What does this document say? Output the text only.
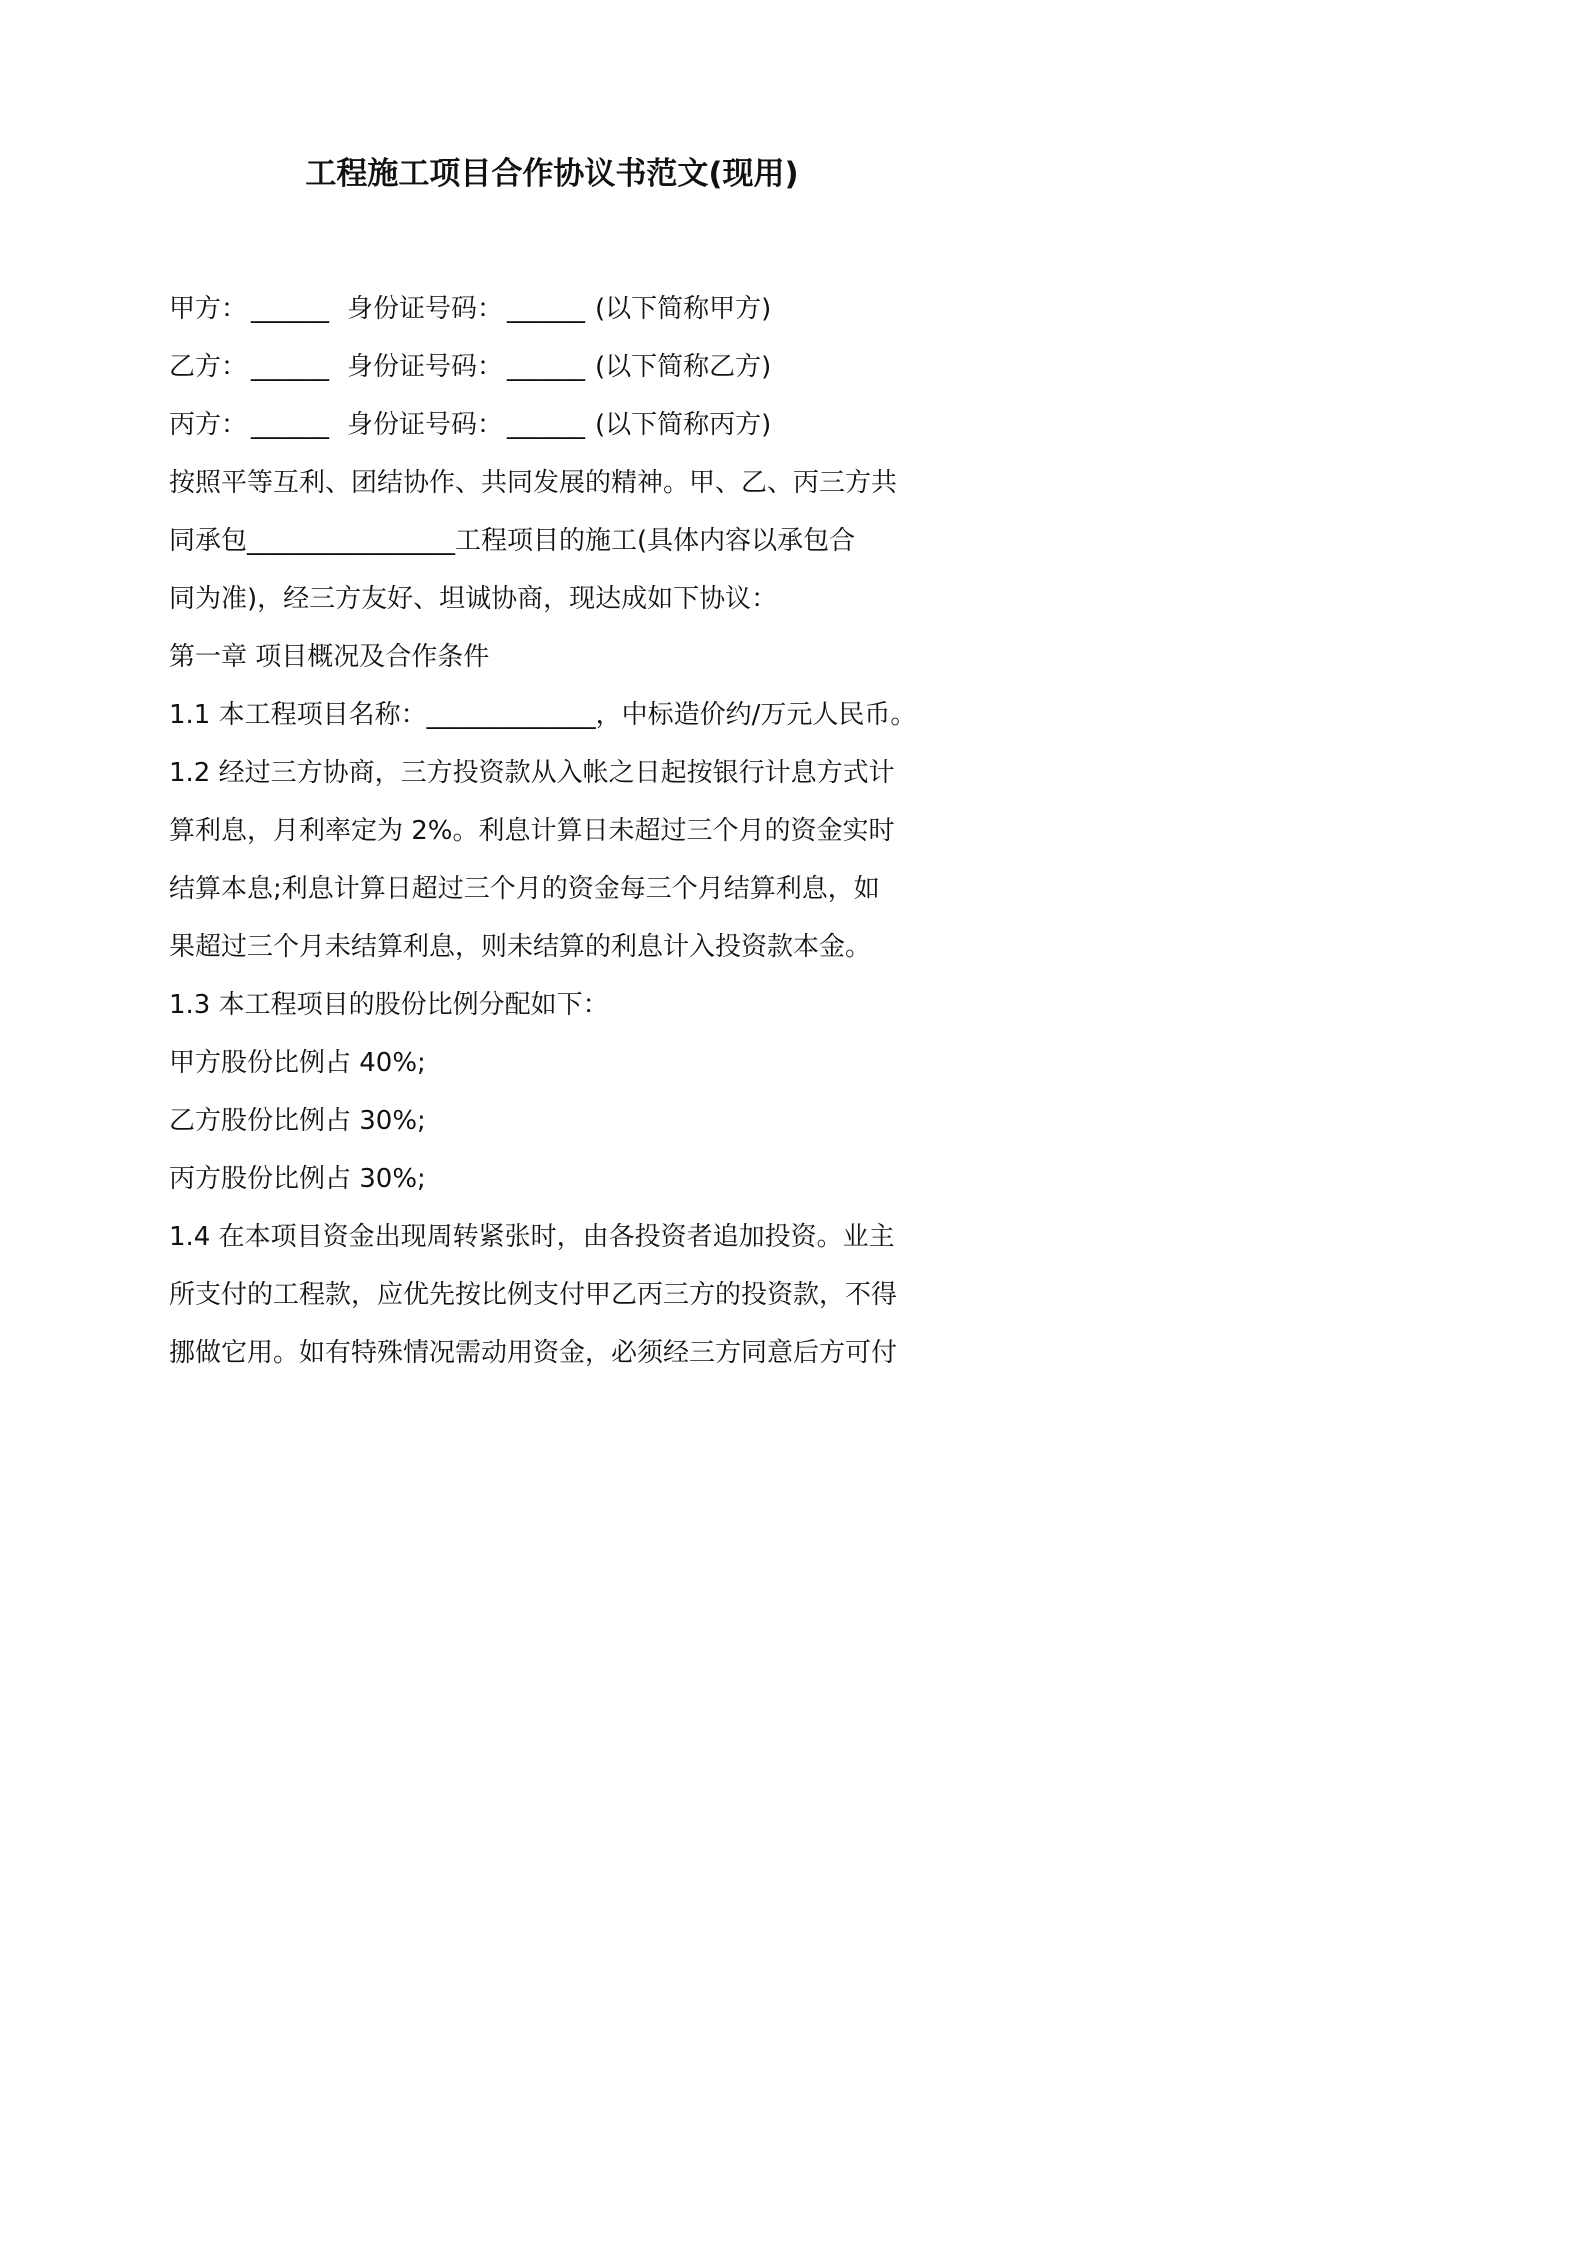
工程施工项目合作协议书范文(现用)
甲方： ______ 身份证号码： ______ (以下简称甲方)
乙方： ______ 身份证号码： ______ (以下简称乙方)
丙方： ______ 身份证号码： ______ (以下简称丙方)
按照平等互利、团结协作、共同发展的精神。甲、乙、丙三方共
同承包________________工程项目的施工(具体内容以承包合
同为准)，经三方友好、坦诚协商，现达成如下协议：
第一章 项目概况及合作条件
1.1 本工程项目名称：_____________，中标造价约/万元人民币。
1.2 经过三方协商，三方投资款从入帐之日起按银行计息方式计
算利息，月利率定为 2%。利息计算日未超过三个月的资金实时
结算本息;利息计算日超过三个月的资金每三个月结算利息，如
果超过三个月未结算利息，则未结算的利息计入投资款本金。
1.3 本工程项目的股份比例分配如下：
甲方股份比例占 40%;
乙方股份比例占 30%;
丙方股份比例占 30%;
1.4 在本项目资金出现周转紧张时，由各投资者追加投资。业主
所支付的工程款，应优先按比例支付甲乙丙三方的投资款，不得
挪做它用。如有特殊情况需动用资金，必须经三方同意后方可付
